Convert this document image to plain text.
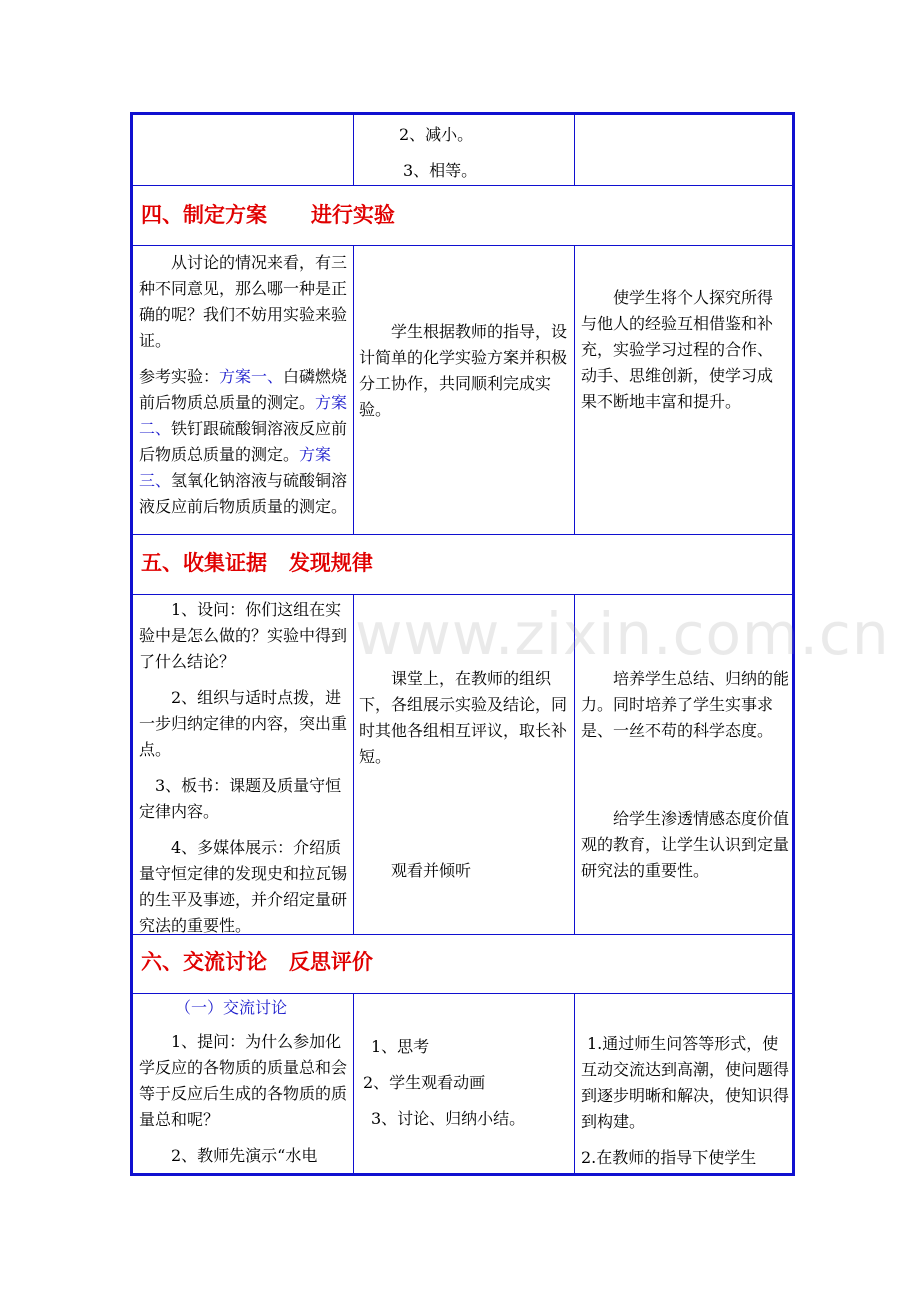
2、减小。

3、相等。

四、制定方案      进行实验

从讨论的情况来看，有三种不同意见，那么哪一种是正确的呢？我们不妨用实验来验证。

参考实验：方案一、白磷燃烧前后物质总质量的测定。方案二、铁钉跟硫酸铜溶液反应前后物质总质量的测定。方案三、氢氧化钠溶液与硫酸铜溶液反应前后物质质量的测定。

学生根据教师的指导，设计简单的化学实验方案并积极分工协作，共同顺利完成实验。

使学生将个人探究所得与他人的经验互相借鉴和补充，实验学习过程的合作、动手、思维创新，使学习成果不断地丰富和提升。

五、收集证据   发现规律

1、设问：你们这组在实验中是怎么做的？实验中得到了什么结论？

2、组织与适时点拨，进一步归纳定律的内容，突出重点。

3、板书：课题及质量守恒定律内容。

4、多媒体展示：介绍质量守恒定律的发现史和拉瓦锡的生平及事迹，并介绍定量研究法的重要性。

课堂上，在教师的组织下，各组展示实验及结论，同时其他各组相互评议，取长补短。

观看并倾听

培养学生总结、归纳的能力。同时培养了学生实事求是、一丝不苟的科学态度。

给学生渗透情感态度价值观的教育，让学生认识到定量研究法的重要性。

六、交流讨论   反思评价

（一）交流讨论

1、提问：为什么参加化学反应的各物质的质量总和会等于反应后生成的各物质的质量总和呢？

2、教师先演示“水电

1、思考

2、学生观看动画

3、讨论、归纳小结。

1.通过师生问答等形式，使互动交流达到高潮，使问题得到逐步明晰和解决，使知识得到构建。

2.在教师的指导下使学生

www.zixin.com.cn
